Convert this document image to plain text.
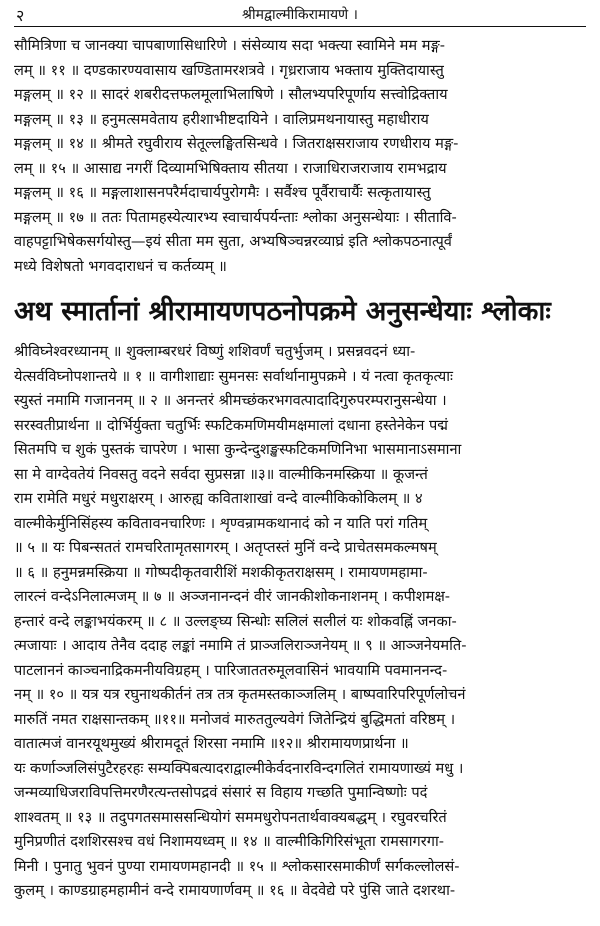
२	श्रीमद्वाल्मीकिरामायणे ।
सौमित्रिणा च जानक्या चापबाणासिधारिणे । संसेव्याय सदा भक्त्या स्वामिने मम मङ्ग-
लम् ॥ ११ ॥ दण्डकारण्यवासाय खण्डितामरशत्रवे । गृध्रराजाय भक्ताय मुक्तिदायास्तु
मङ्गलम् ॥ १२ ॥ सादरं शबरीदत्तफलमूलाभिलाषिणे । सौलभ्यपरिपूर्णाय सत्त्वोद्रिक्ताय
मङ्गलम् ॥ १३ ॥ हनुमत्समवेताय हरीशाभीष्टदायिने । वालिप्रमथनायास्तु महाधीराय
मङ्गलम् ॥ १४ ॥ श्रीमते रघुवीराय सेतूल्लङ्घितसिन्धवे । जितराक्षसराजाय रणधीराय मङ्ग-
लम् ॥ १५ ॥ आसाद्य नगरीं दिव्यामभिषिक्ताय सीतया । राजाधिराजराजाय रामभद्राय
मङ्गलम् ॥ १६ ॥ मङ्गलाशासनपरैर्मदाचार्यपुरोगमैः । सर्वैश्च पूर्वैराचार्यैः सत्कृतायास्तु
मङ्गलम् ॥ १७ ॥ ततः पितामहस्येत्यारभ्य स्वाचार्यपर्यन्ताः श्लोका अनुसन्धेयाः । सीतावि-
वाहपट्टाभिषेकसर्गयोस्तु—इयं सीता मम सुता, अभ्यषिञ्चन्नरव्याघ्रं इति श्लोकपठनात्पूर्वं
मध्ये विशेषतो भगवदाराधनं च कर्तव्यम् ॥
अथ स्मार्तानां श्रीरामायणपठनोपक्रमे अनुसन्धेयाः श्लोकाः
श्रीविघ्नेश्वरध्यानम् ॥ शुक्लाम्बरधरं विष्णुं शशिवर्णं चतुर्भुजम् । प्रसन्नवदनं ध्या-
येत्सर्वविघ्नोपशान्तये ॥ १ ॥ वागीशाद्याः सुमनसः सर्वार्थानामुपक्रमे । यं नत्वा कृतकृत्याः
स्युस्तं नमामि गजाननम् ॥ २ ॥ अनन्तरं श्रीमच्छंकरभगवत्पादादिगुरुपरम्परानुसन्धेया ।
सरस्वतीप्रार्थना ॥ दोर्भिर्युक्ता चतुर्भिः स्फटिकमणिमयीमक्षमालां दधाना हस्तेनेकेन पद्मं
सितमपि च शुकं पुस्तकं चापरेण । भासा कुन्देन्दुशङ्खस्फटिकमणिनिभा भासमानाऽसमाना
सा मे वाग्देवतेयं निवसतु वदने सर्वदा सुप्रसन्ना ॥३॥ वाल्मीकिनमस्क्रिया ॥ कूजन्तं
राम रामेति मधुरं मधुराक्षरम् । आरुह्य कविताशाखां वन्दे वाल्मीकिकोकिलम् ॥ ४
वाल्मीकेर्मुनिसिंहस्य कवितावनचारिणः । शृण्वन्रामकथानादं को न याति परां गतिम्
॥ ५ ॥ यः पिबन्सततं रामचरितामृतसागरम् । अतृप्तस्तं मुनिं वन्दे प्राचेतसमकल्मषम्
॥ ६ ॥ हनुमन्नमस्क्रिया ॥ गोष्पदीकृतवारीशिं मशकीकृतराक्षसम् । रामायणमहामा-
लारत्नं वन्देऽनिलात्मजम् ॥ ७ ॥ अञ्जनानन्दनं वीरं जानकीशोकनाशनम् । कपीशमक्ष-
हन्तारं वन्दे लङ्काभयंकरम् ॥ ८ ॥ उल्लङ्घ्य सिन्धोः सलिलं सलीलं यः शोकवह्निं जनका-
त्मजायाः । आदाय तेनैव ददाह लङ्कां नमामि तं प्राञ्जलिराञ्जनेयम् ॥ ९ ॥ आञ्जनेयमति-
पाटलाननं काञ्चनाद्रिकमनीयविग्रहम् । पारिजाततरुमूलवासिनं भावयामि पवमाननन्द-
नम् ॥ १० ॥ यत्र यत्र रघुनाथकीर्तनं तत्र तत्र कृतमस्तकाञ्जलिम् । बाष्पवारिपरिपूर्णलोचनं
मारुतिं नमत राक्षसान्तकम् ॥११॥ मनोजवं मारुततुल्यवेगं जितेन्द्रियं बुद्धिमतां वरिष्ठम् ।
वातात्मजं वानरयूथमुख्यं श्रीरामदूतं शिरसा नमामि ॥१२॥ श्रीरामायणप्रार्थना ॥
यः कर्णाञ्जलिसंपुटैरहरहः सम्यक्पिबत्यादराद्वाल्मीकेर्वदनारविन्दगलितं रामायणाख्यं मधु ।
जन्मव्याधिजराविपत्तिमरणैरत्यन्तसोपद्रवं संसारं स विहाय गच्छति पुमान्विष्णोः पदं
शाश्वतम् ॥ १३ ॥ तदुपगतसमाससन्धियोगं सममधुरोपनतार्थवाक्यबद्धम् । रघुवरचरितं
मुनिप्रणीतं दशशिरसश्च वधं निशामयध्वम् ॥ १४ ॥ वाल्मीकिगिरिसंभूता रामसागरगा-
मिनी । पुनातु भुवनं पुण्या रामायणमहानदी ॥ १५ ॥ श्लोकसारसमाकीर्णं सर्गकल्लोलसं-
कुलम् । काण्डग्राहमहामीनं वन्दे रामायणार्णवम् ॥ १६ ॥ वेदवेद्ये परे पुंसि जाते दशरथा-
